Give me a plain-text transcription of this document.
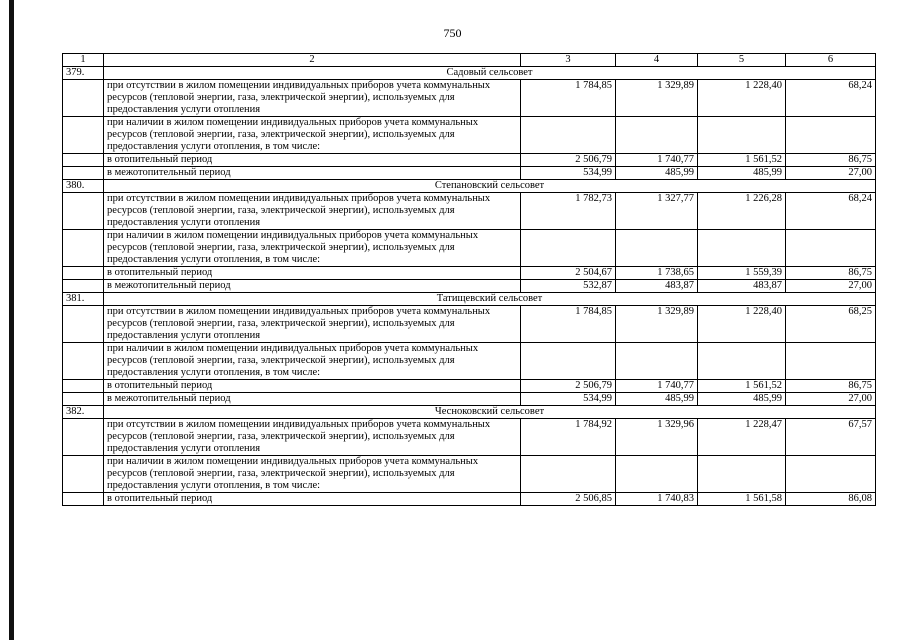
750
1	2	3	4	5	6
379.	Садовый сельсовет				
	при отсутствии в жилом помещении индивидуальных приборов учета коммунальных ресурсов (тепловой энергии, газа, электрической энергии), используемых для предоставления услуги отопления	1 784,85	1 329,89	1 228,40	68,24
	при наличии в жилом помещении индивидуальных приборов учета коммунальных ресурсов (тепловой энергии, газа, электрической энергии), используемых для предоставления услуги отопления, в том числе:				
	в отопительный период	2 506,79	1 740,77	1 561,52	86,75
	в межотопительный период	534,99	485,99	485,99	27,00
380.	Степановский сельсовет				
	при отсутствии в жилом помещении индивидуальных приборов учета коммунальных ресурсов (тепловой энергии, газа, электрической энергии), используемых для предоставления услуги отопления	1 782,73	1 327,77	1 226,28	68,24
	при наличии в жилом помещении индивидуальных приборов учета коммунальных ресурсов (тепловой энергии, газа, электрической энергии), используемых для предоставления услуги отопления, в том числе:				
	в отопительный период	2 504,67	1 738,65	1 559,39	86,75
	в межотопительный период	532,87	483,87	483,87	27,00
381.	Татищевский сельсовет				
	при отсутствии в жилом помещении индивидуальных приборов учета коммунальных ресурсов (тепловой энергии, газа, электрической энергии), используемых для предоставления услуги отопления	1 784,85	1 329,89	1 228,40	68,25
	при наличии в жилом помещении индивидуальных приборов учета коммунальных ресурсов (тепловой энергии, газа, электрической энергии), используемых для предоставления услуги отопления, в том числе:				
	в отопительный период	2 506,79	1 740,77	1 561,52	86,75
	в межотопительный период	534,99	485,99	485,99	27,00
382.	Чесноковский сельсовет				
	при отсутствии в жилом помещении индивидуальных приборов учета коммунальных ресурсов (тепловой энергии, газа, электрической энергии), используемых для предоставления услуги отопления	1 784,92	1 329,96	1 228,47	67,57
	при наличии в жилом помещении индивидуальных приборов учета коммунальных ресурсов (тепловой энергии, газа, электрической энергии), используемых для предоставления услуги отопления, в том числе:				
	в отопительный период	2 506,85	1 740,83	1 561,58	86,08
